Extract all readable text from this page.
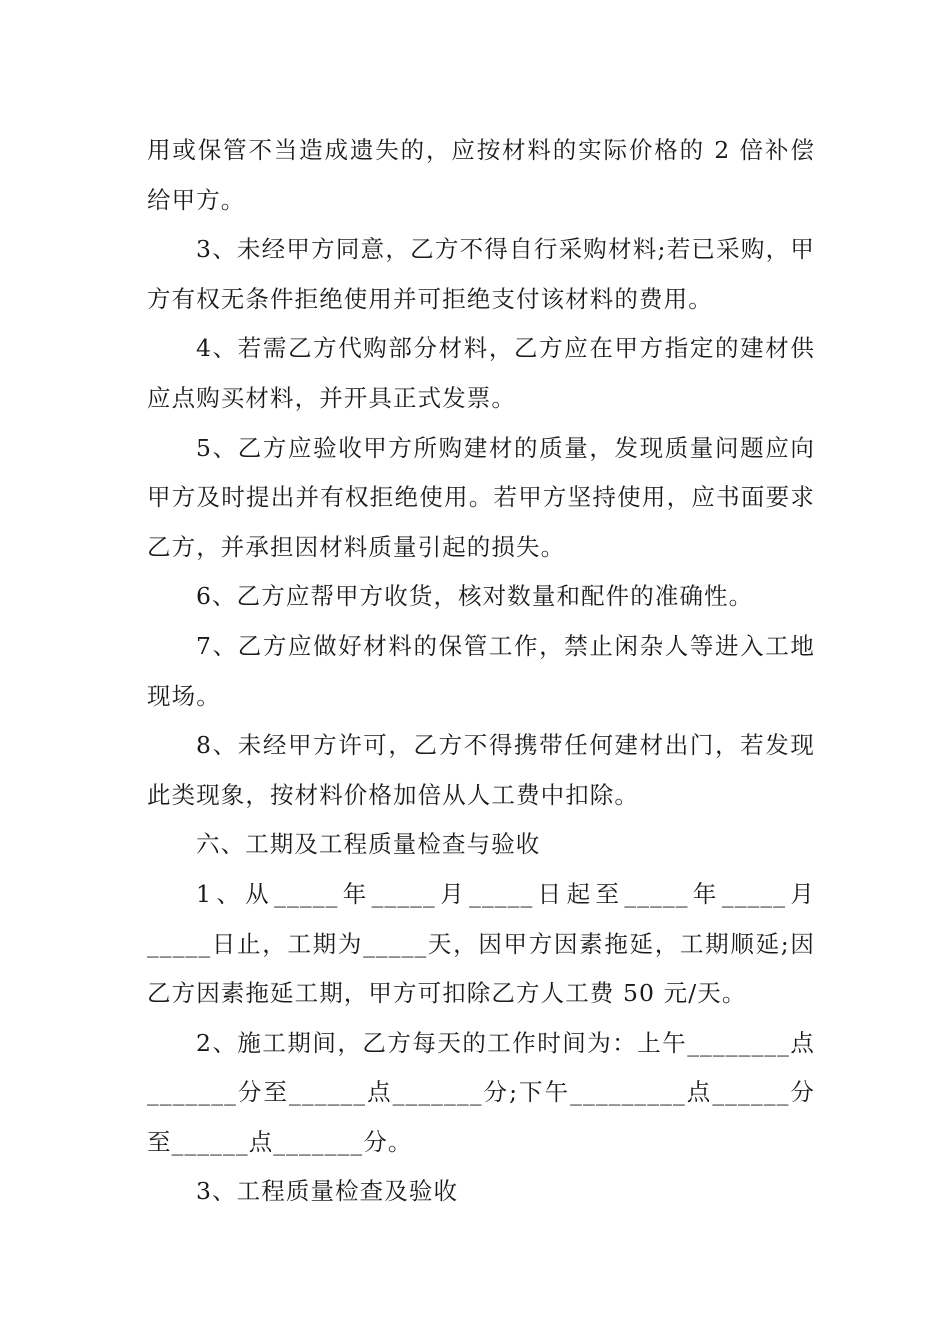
用或保管不当造成遗失的，应按材料的实际价格的 2 倍补偿给甲方。

3、未经甲方同意，乙方不得自行采购材料;若已采购，甲方有权无条件拒绝使用并可拒绝支付该材料的费用。

4、若需乙方代购部分材料，乙方应在甲方指定的建材供应点购买材料，并开具正式发票。

5、乙方应验收甲方所购建材的质量，发现质量问题应向甲方及时提出并有权拒绝使用。若甲方坚持使用，应书面要求乙方，并承担因材料质量引起的损失。

6、乙方应帮甲方收货，核对数量和配件的准确性。

7、乙方应做好材料的保管工作，禁止闲杂人等进入工地现场。

8、未经甲方许可，乙方不得携带任何建材出门，若发现此类现象，按材料价格加倍从人工费中扣除。

六、工期及工程质量检查与验收

1、从_____年_____月_____日起至_____年_____月_____日止，工期为_____天，因甲方因素拖延，工期顺延;因乙方因素拖延工期，甲方可扣除乙方人工费 50 元/天。

2、施工期间，乙方每天的工作时间为：上午________点_______分至______点_______分;下午_________点______分至______点_______分。

3、工程质量检查及验收
